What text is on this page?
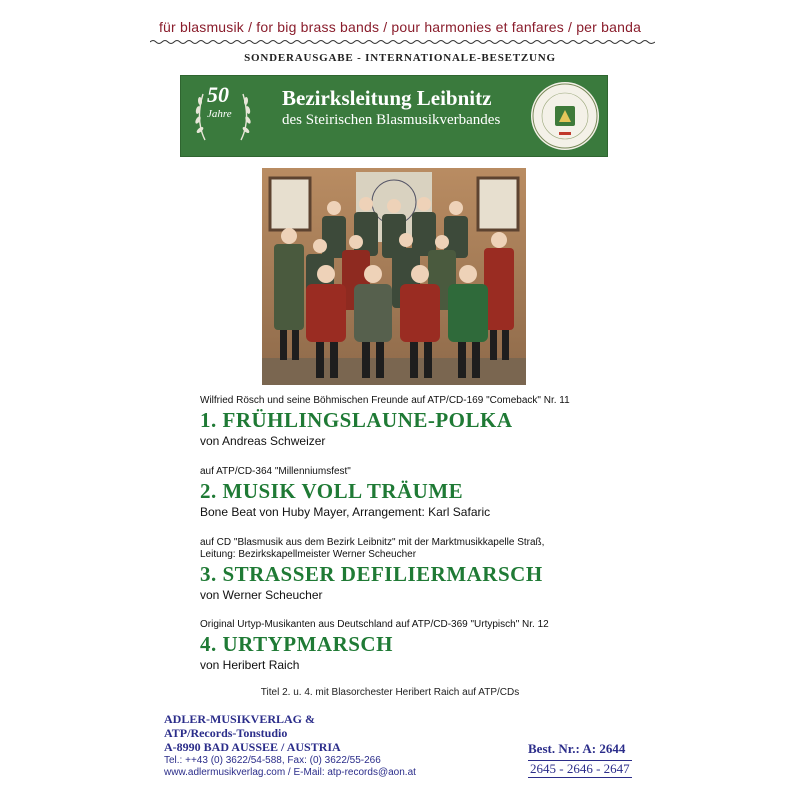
für blasmusik / for big brass bands / pour harmonies et fanfares / per banda
SONDERAUSGABE - INTERNATIONALE-BESETZUNG
50
Jahre
Bezirksleitung Leibnitz
des Steirischen Blasmusikverbandes
Wilfried Rösch und seine Böhmischen Freunde auf ATP/CD-169 "Comeback" Nr. 11
1. FRÜHLINGSLAUNE-POLKA
von Andreas Schweizer
auf ATP/CD-364 "Millenniumsfest"
2. MUSIK VOLL TRÄUME
Bone Beat von Huby Mayer, Arrangement: Karl Safaric
auf CD "Blasmusik aus dem Bezirk Leibnitz" mit der Marktmusikkapelle Straß,
Leitung: Bezirkskapellmeister Werner Scheucher
3. STRASSER DEFILIERMARSCH
von Werner Scheucher
Original Urtyp-Musikanten aus Deutschland auf ATP/CD-369 "Urtypisch" Nr. 12
4. URTYPMARSCH
von Heribert Raich
Titel 2. u. 4. mit Blasorchester Heribert Raich auf ATP/CDs
ADLER-MUSIKVERLAG &
ATP/Records-Tonstudio
A-8990 BAD AUSSEE / AUSTRIA
Tel.: ++43 (0) 3622/54-588, Fax: (0) 3622/55-266
www.adlermusikverlag.com / E-Mail: atp-records@aon.at
Best. Nr.: A: 2644
2645 - 2646 - 2647
